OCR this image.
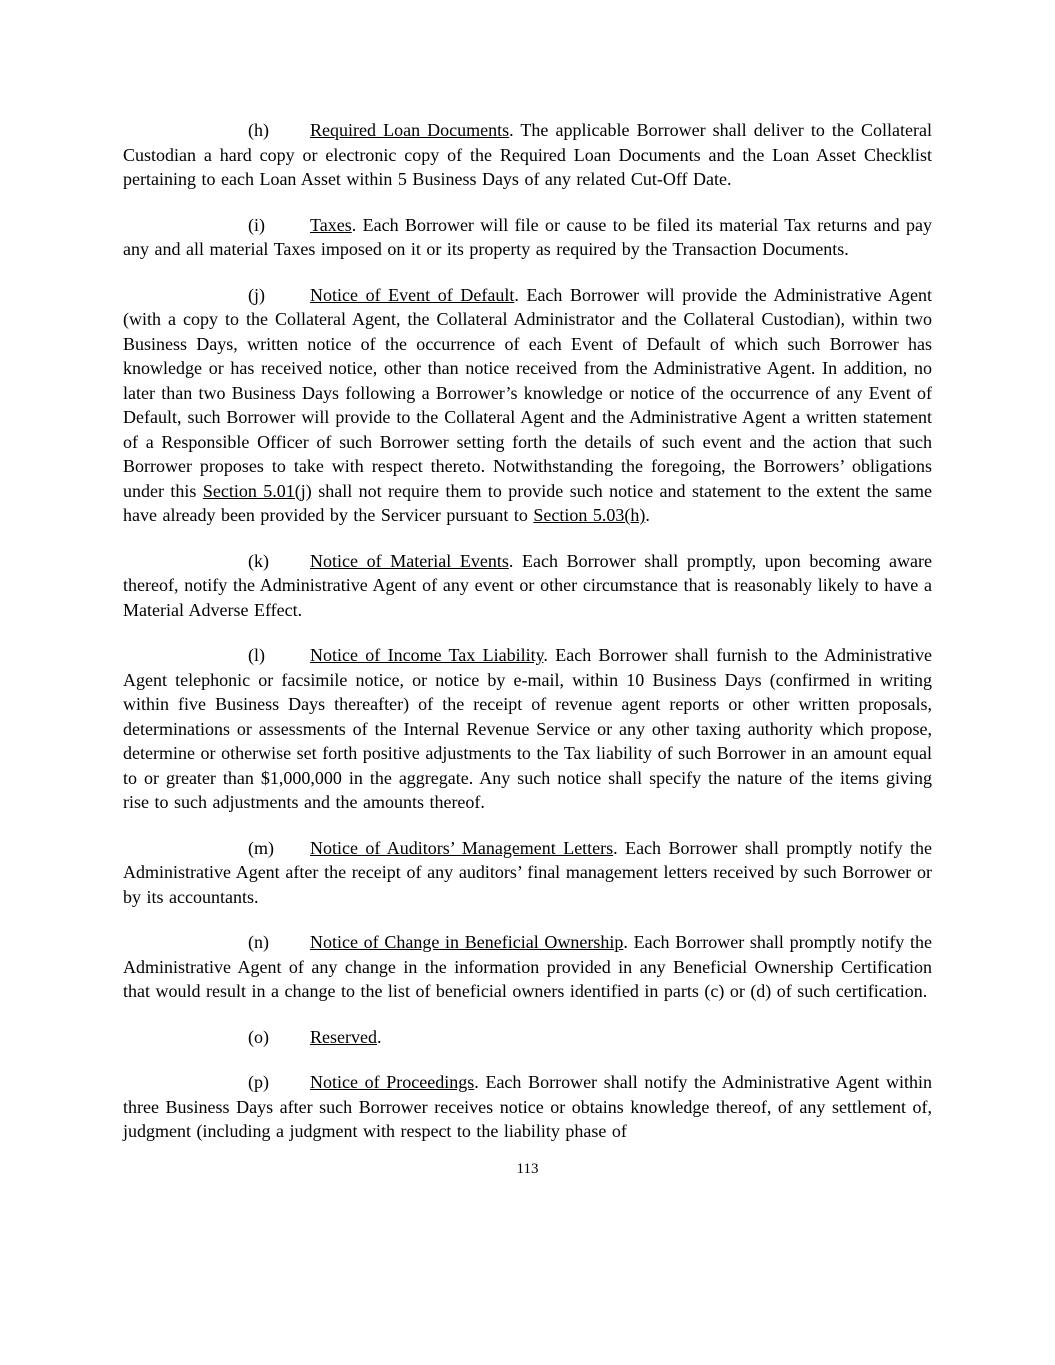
(h) Required Loan Documents. The applicable Borrower shall deliver to the Collateral Custodian a hard copy or electronic copy of the Required Loan Documents and the Loan Asset Checklist pertaining to each Loan Asset within 5 Business Days of any related Cut-Off Date.

(i)	Taxes. Each Borrower will file or cause to be filed its material Tax returns and pay any and all material Taxes imposed on it or its property as required by the Transaction Documents.

(j)	Notice of Event of Default. Each Borrower will provide the Administrative Agent (with a copy to the Collateral Agent, the Collateral Administrator and the Collateral Custodian), within two Business Days, written notice of the occurrence of each Event of Default of which such Borrower has knowledge or has received notice, other than notice received from the Administrative Agent. In addition, no later than two Business Days following a Borrower’s knowledge or notice of the occurrence of any Event of Default, such Borrower will provide to the Collateral Agent and the Administrative Agent a written statement of a Responsible Officer of such Borrower setting forth the details of such event and the action that such Borrower proposes to take with respect thereto. Notwithstanding the foregoing, the Borrowers’ obligations under this Section 5.01(j) shall not require them to provide such notice and statement to the extent the same have already been provided by the Servicer pursuant to Section 5.03(h).

(k) Notice of Material Events. Each Borrower shall promptly, upon becoming aware thereof, notify the Administrative Agent of any event or other circumstance that is reasonably likely to have a Material Adverse Effect.

(l)	Notice of Income Tax Liability. Each Borrower shall furnish to the Administrative Agent telephonic or facsimile notice, or notice by e-mail, within 10 Business Days (confirmed in writing within five Business Days thereafter) of the receipt of revenue agent reports or other written proposals, determinations or assessments of the Internal Revenue Service or any other taxing authority which propose, determine or otherwise set forth positive adjustments to the Tax liability of such Borrower in an amount equal to or greater than $1,000,000 in the aggregate. Any such notice shall specify the nature of the items giving rise to such adjustments and the amounts thereof.

(m) Notice of Auditors’ Management Letters. Each Borrower shall promptly notify the Administrative Agent after the receipt of any auditors’ final management letters received by such Borrower or by its accountants.

(n) Notice of Change in Beneficial Ownership. Each Borrower shall promptly notify the Administrative Agent of any change in the information provided in any Beneficial Ownership Certification that would result in a change to the list of beneficial owners identified in parts (c) or (d) of such certification.

(o) Reserved.

(p) Notice of Proceedings. Each Borrower shall notify the Administrative Agent within three Business Days after such Borrower receives notice or obtains knowledge thereof, of any settlement of, judgment (including a judgment with respect to the liability phase of

113
